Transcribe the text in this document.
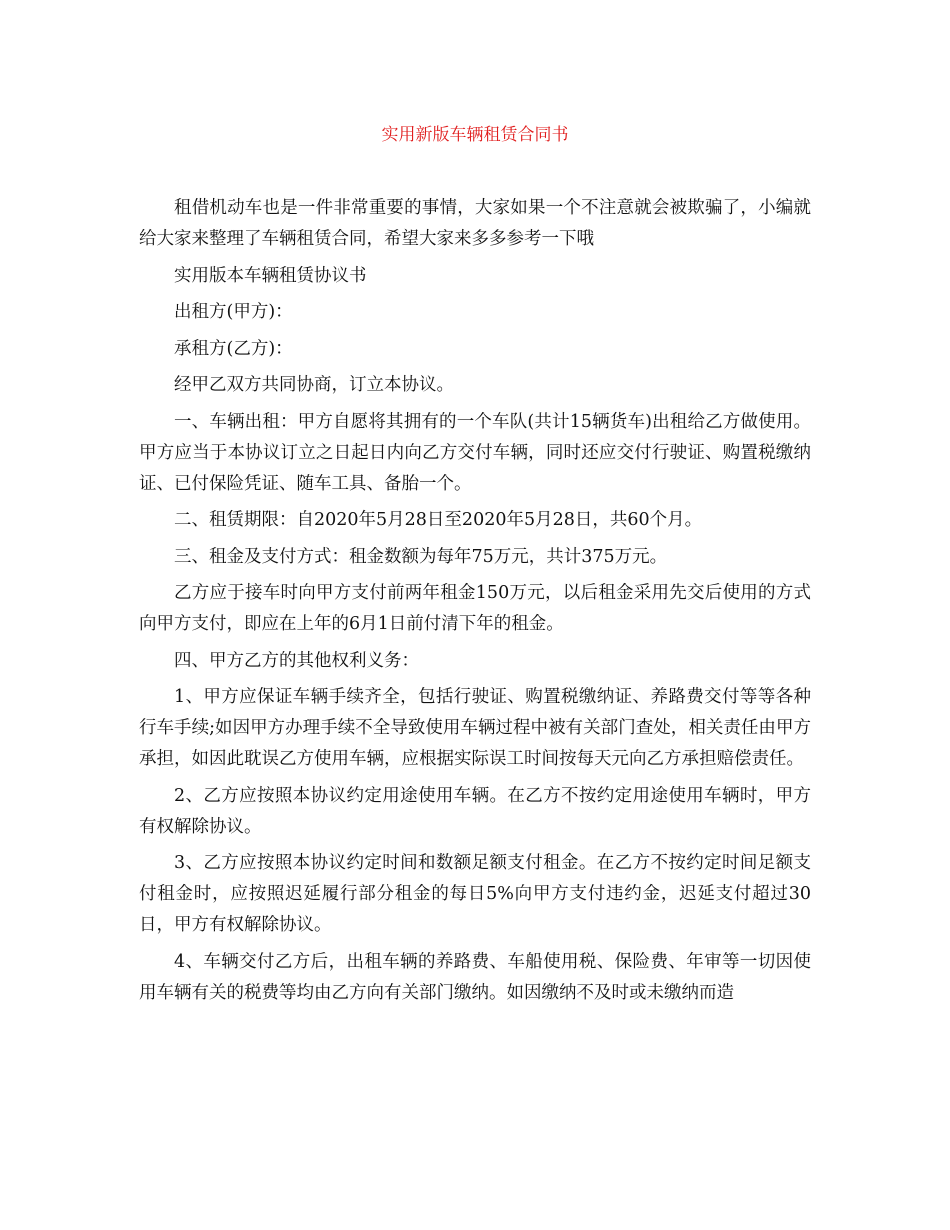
实用新版车辆租赁合同书

租借机动车也是一件非常重要的事情，大家如果一个不注意就会被欺骗了，小编就给大家来整理了车辆租赁合同，希望大家来多多参考一下哦

实用版本车辆租赁协议书

出租方(甲方)：

承租方(乙方)：

经甲乙双方共同协商，订立本协议。

一、车辆出租：甲方自愿将其拥有的一个车队(共计15辆货车)出租给乙方做使用。甲方应当于本协议订立之日起日内向乙方交付车辆，同时还应交付行驶证、购置税缴纳证、已付保险凭证、随车工具、备胎一个。

二、租赁期限：自2020年5月28日至2020年5月28日，共60个月。

三、租金及支付方式：租金数额为每年75万元，共计375万元。

乙方应于接车时向甲方支付前两年租金150万元，以后租金采用先交后使用的方式向甲方支付，即应在上年的6月1日前付清下年的租金。

四、甲方乙方的其他权利义务：

1、甲方应保证车辆手续齐全，包括行驶证、购置税缴纳证、养路费交付等等各种行车手续;如因甲方办理手续不全导致使用车辆过程中被有关部门查处，相关责任由甲方承担，如因此耽误乙方使用车辆，应根据实际误工时间按每天元向乙方承担赔偿责任。

2、乙方应按照本协议约定用途使用车辆。在乙方不按约定用途使用车辆时，甲方有权解除协议。

3、乙方应按照本协议约定时间和数额足额支付租金。在乙方不按约定时间足额支付租金时，应按照迟延履行部分租金的每日5%向甲方支付违约金，迟延支付超过30日，甲方有权解除协议。

4、车辆交付乙方后，出租车辆的养路费、车船使用税、保险费、年审等一切因使用车辆有关的税费等均由乙方向有关部门缴纳。如因缴纳不及时或未缴纳而造
